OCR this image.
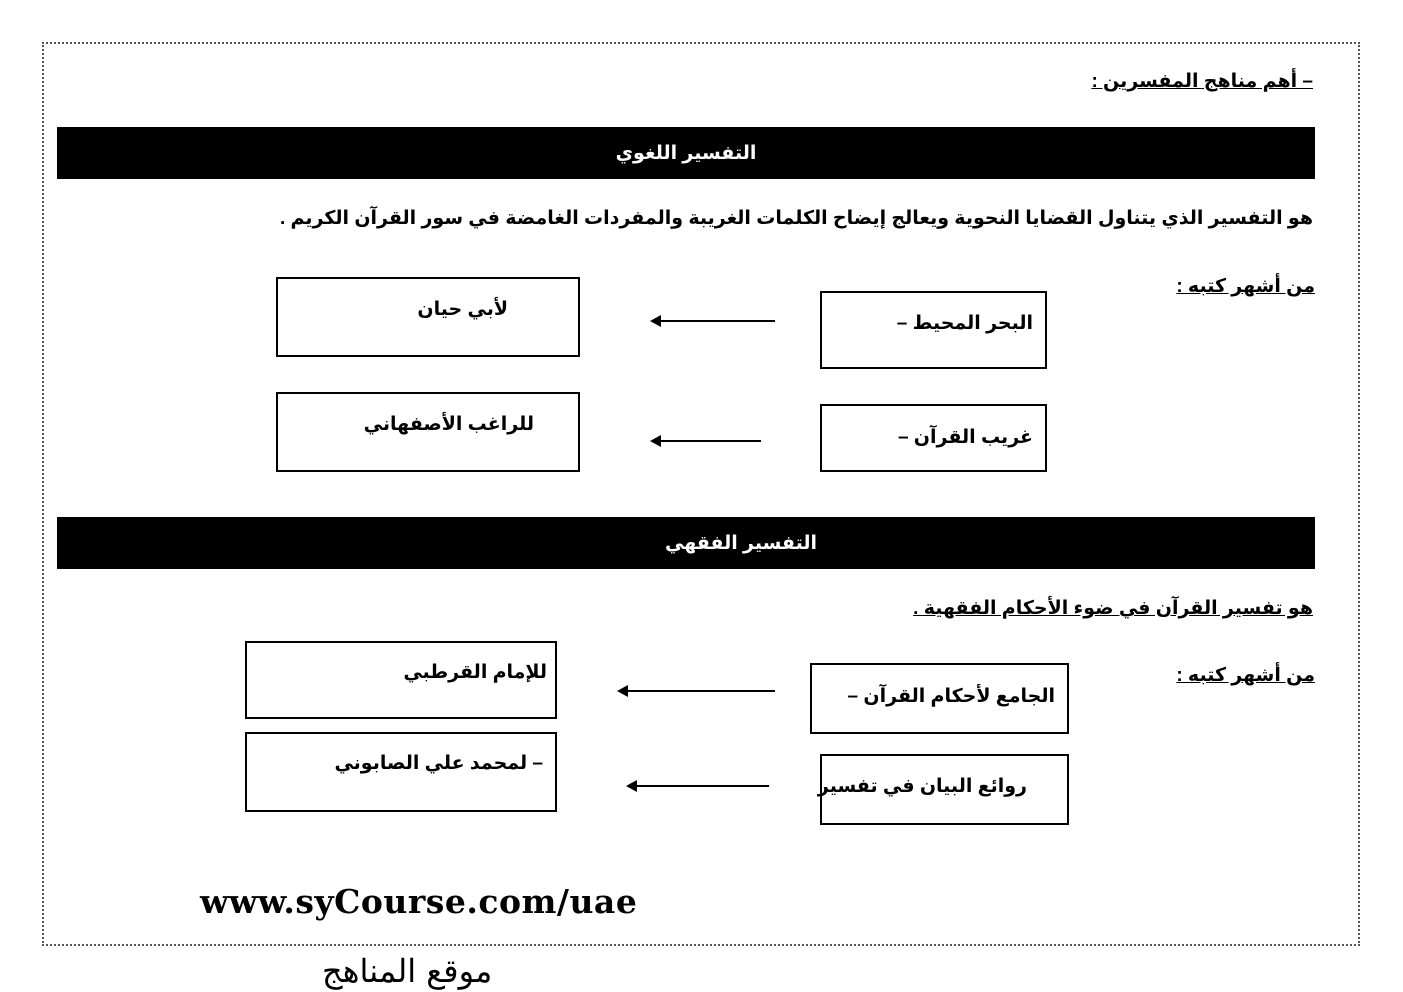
– أهم مناهج المفسرين :
التفسير اللغوي
هو التفسير الذي يتناول القضايا النحوية ويعالج إيضاح الكلمات الغريبة والمفردات الغامضة في سور القرآن الكريم .
من أشهر كتبه :
البحر المحيط –
لأبي حيان
غريب القرآن –
للراغب الأصفهاني
التفسير الفقهي
هو تفسير القرآن في ضوء الأحكام الفقهية .
من أشهر كتبه :
الجامع لأحكام القرآن –
للإمام القرطبي
روائع البيان في تفسير
– لمحمد علي الصابوني
www.syCourse.com/uae
موقع المناهج
